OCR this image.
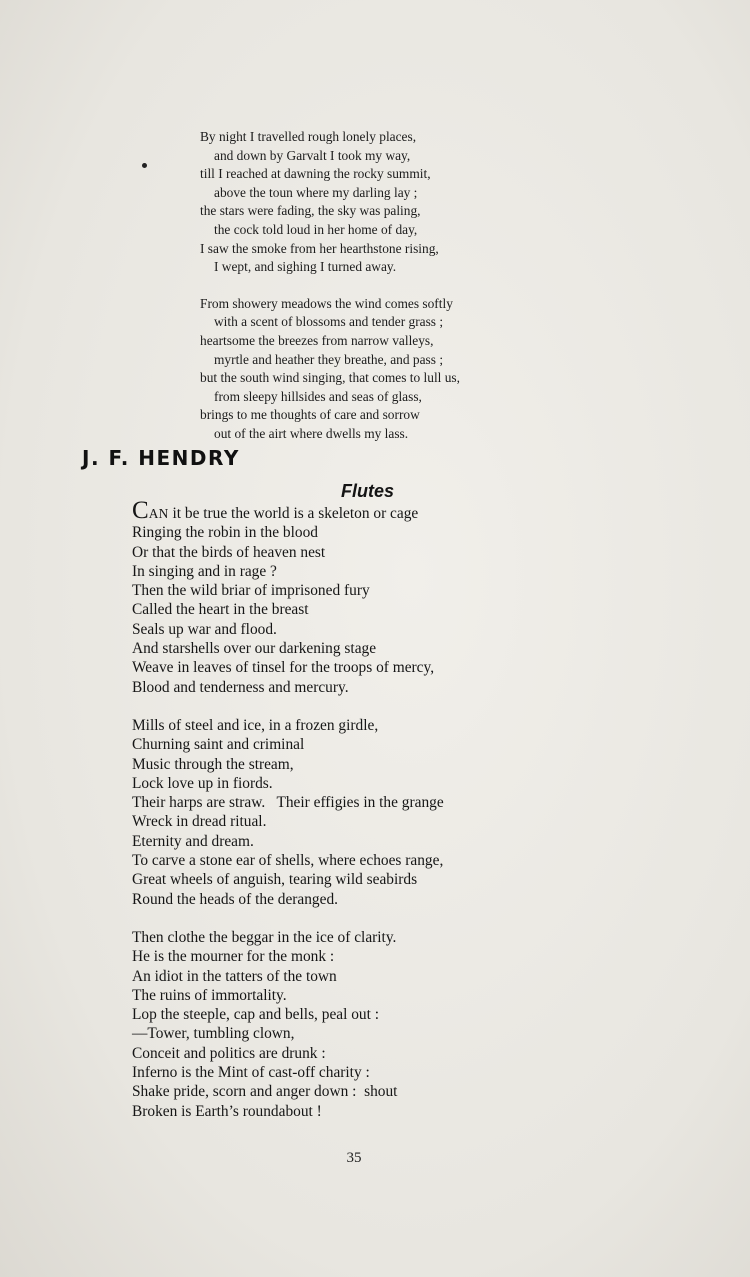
By night I travelled rough lonely places,
and down by Garvalt I took my way,
till I reached at dawning the rocky summit,
above the toun where my darling lay ;
the stars were fading, the sky was paling,
the cock told loud in her home of day,
I saw the smoke from her hearthstone rising,
I wept, and sighing I turned away.
From showery meadows the wind comes softly
with a scent of blossoms and tender grass ;
heartsome the breezes from narrow valleys,
myrtle and heather they breathe, and pass ;
but the south wind singing, that comes to lull us,
from sleepy hillsides and seas of glass,
brings to me thoughts of care and sorrow
out of the airt where dwells my lass.
J. F. HENDRY
Flutes
CAN it be true the world is a skeleton or cage
Ringing the robin in the blood
Or that the birds of heaven nest
In singing and in rage ?
Then the wild briar of imprisoned fury
Called the heart in the breast
Seals up war and flood.
And starshells over our darkening stage
Weave in leaves of tinsel for the troops of mercy,
Blood and tenderness and mercury.
Mills of steel and ice, in a frozen girdle,
Churning saint and criminal
Music through the stream,
Lock love up in fiords.
Their harps are straw.   Their effigies in the grange
Wreck in dread ritual.
Eternity and dream.
To carve a stone ear of shells, where echoes range,
Great wheels of anguish, tearing wild seabirds
Round the heads of the deranged.
Then clothe the beggar in the ice of clarity.
He is the mourner for the monk :
An idiot in the tatters of the town
The ruins of immortality.
Lop the steeple, cap and bells, peal out :
—Tower, tumbling clown,
Conceit and politics are drunk :
Inferno is the Mint of cast-off charity :
Shake pride, scorn and anger down :  shout
Broken is Earth’s roundabout !
35
